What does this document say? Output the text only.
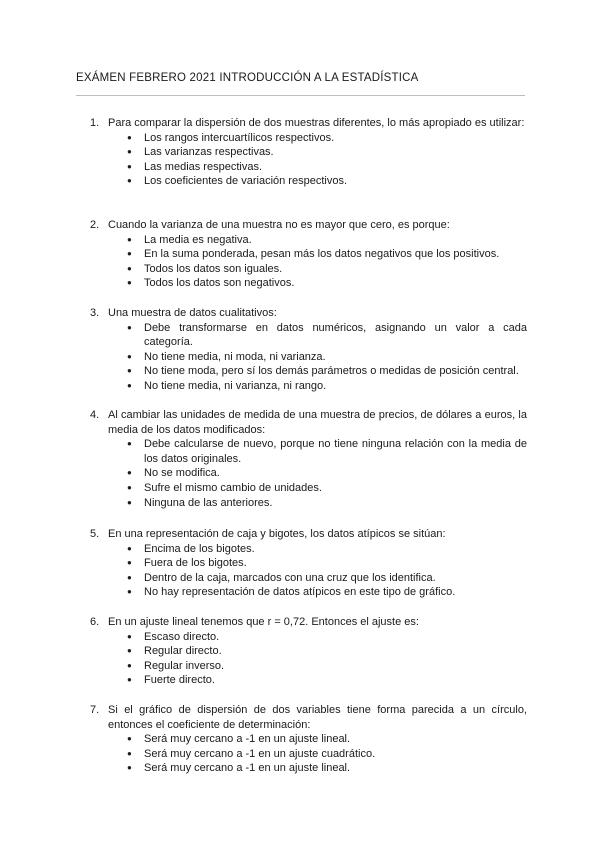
EXÁMEN FEBRERO 2021 INTRODUCCIÓN A LA ESTADÍSTICA
1. Para comparar la dispersión de dos muestras diferentes, lo más apropiado es utilizar:
● Los rangos intercuartílicos respectivos.
● Las varianzas respectivas.
● Las medias respectivas.
● Los coeficientes de variación respectivos.
2. Cuando la varianza de una muestra no es mayor que cero, es porque:
● La media es negativa.
● En la suma ponderada, pesan más los datos negativos que los positivos.
● Todos los datos son iguales.
● Todos los datos son negativos.
3. Una muestra de datos cualitativos:
● Debe transformarse en datos numéricos, asignando un valor a cada categoría.
● No tiene media, ni moda, ni varianza.
● No tiene moda, pero sí los demás parámetros o medidas de posición central.
● No tiene media, ni varianza, ni rango.
4. Al cambiar las unidades de medida de una muestra de precios, de dólares a euros, la media de los datos modificados:
● Debe calcularse de nuevo, porque no tiene ninguna relación con la media de los datos originales.
● No se modifica.
● Sufre el mismo cambio de unidades.
● Ninguna de las anteriores.
5. En una representación de caja y bigotes, los datos atípicos se sitúan:
● Encima de los bigotes.
● Fuera de los bigotes.
● Dentro de la caja, marcados con una cruz que los identifica.
● No hay representación de datos atípicos en este tipo de gráfico.
6. En un ajuste lineal tenemos que r = 0,72. Entonces el ajuste es:
● Escaso directo.
● Regular directo.
● Regular inverso.
● Fuerte directo.
7. Si el gráfico de dispersión de dos variables tiene forma parecida a un círculo, entonces el coeficiente de determinación:
● Será muy cercano a -1 en un ajuste lineal.
● Será muy cercano a -1 en un ajuste cuadrático.
● Será muy cercano a -1 en un ajuste lineal.
